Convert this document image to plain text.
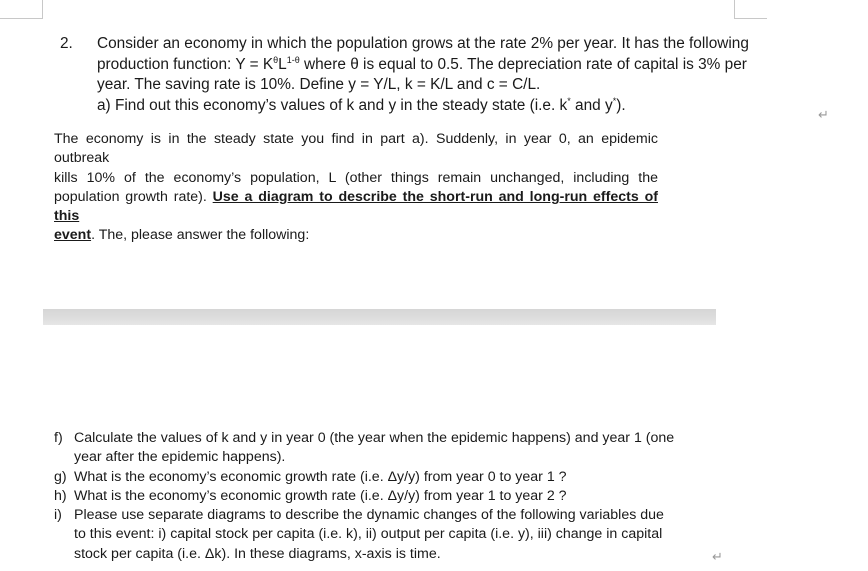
2. Consider an economy in which the population grows at the rate 2% per year. It has the following
production function: $Y = K^\theta L^{1-\theta}$ where θ is equal to 0.5. The depreciation rate of capital is 3% per
year. The saving rate is 10%. Define y = Y/L, k = K/L and c = C/L.
a) Find out this economy’s values of k and y in the steady state (i.e. k* and y*).
↵
The economy is in the steady state you find in part a). Suddenly, in year 0, an epidemic outbreak
kills 10% of the economy’s population, L (other things remain unchanged, including the
population growth rate). Use a diagram to describe the short-run and long-run effects of this
event. The, please answer the following:
f) Calculate the values of k and y in year 0 (the year when the epidemic happens) and year 1 (one
year after the epidemic happens).
g) What is the economy’s economic growth rate (i.e. Δy/y) from year 0 to year 1 ?
h) What is the economy’s economic growth rate (i.e. Δy/y) from year 1 to year 2 ?
i) Please use separate diagrams to describe the dynamic changes of the following variables due
to this event: i) capital stock per capita (i.e. k), ii) output per capita (i.e. y), iii) change in capital
stock per capita (i.e. Δk). In these diagrams, x-axis is time.	↵
